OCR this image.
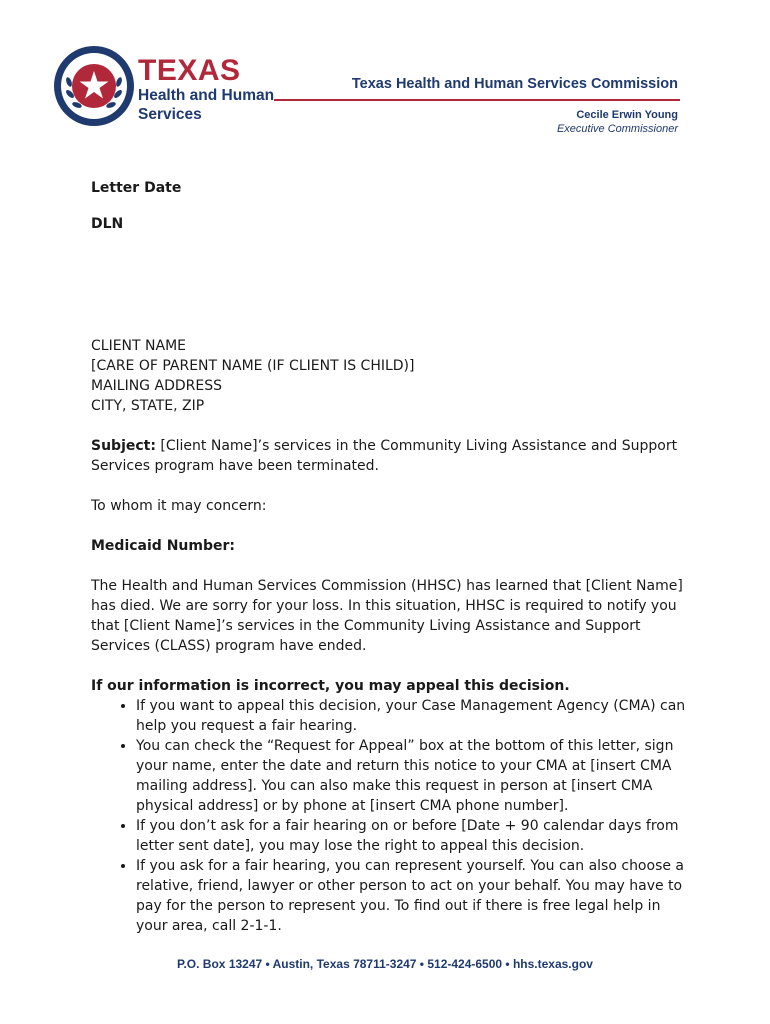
TEXAS
Health and Human
Services
Texas Health and Human Services Commission
Cecile Erwin Young
Executive Commissioner

Letter Date

DLN

CLIENT NAME

[CARE OF PARENT NAME (IF CLIENT IS CHILD)]

MAILING ADDRESS

CITY, STATE, ZIP

Subject: [Client Name]’s services in the Community Living Assistance and Support Services program have been terminated.

To whom it may concern:

Medicaid Number:

The Health and Human Services Commission (HHSC) has learned that [Client Name] has died. We are sorry for your loss. In this situation, HHSC is required to notify you that [Client Name]’s services in the Community Living Assistance and Support Services (CLASS) program have ended.

If our information is incorrect, you may appeal this decision.

• If you want to appeal this decision, your Case Management Agency (CMA) can help you request a fair hearing.
• You can check the “Request for Appeal” box at the bottom of this letter, sign your name, enter the date and return this notice to your CMA at [insert CMA mailing address]. You can also make this request in person at [insert CMA physical address] or by phone at [insert CMA phone number].
• If you don’t ask for a fair hearing on or before [Date + 90 calendar days from letter sent date], you may lose the right to appeal this decision.
• If you ask for a fair hearing, you can represent yourself. You can also choose a relative, friend, lawyer or other person to act on your behalf. You may have to pay for the person to represent you. To find out if there is free legal help in your area, call 2-1-1.
P.O. Box 13247 • Austin, Texas 78711-3247 • 512-424-6500 • hhs.texas.gov
